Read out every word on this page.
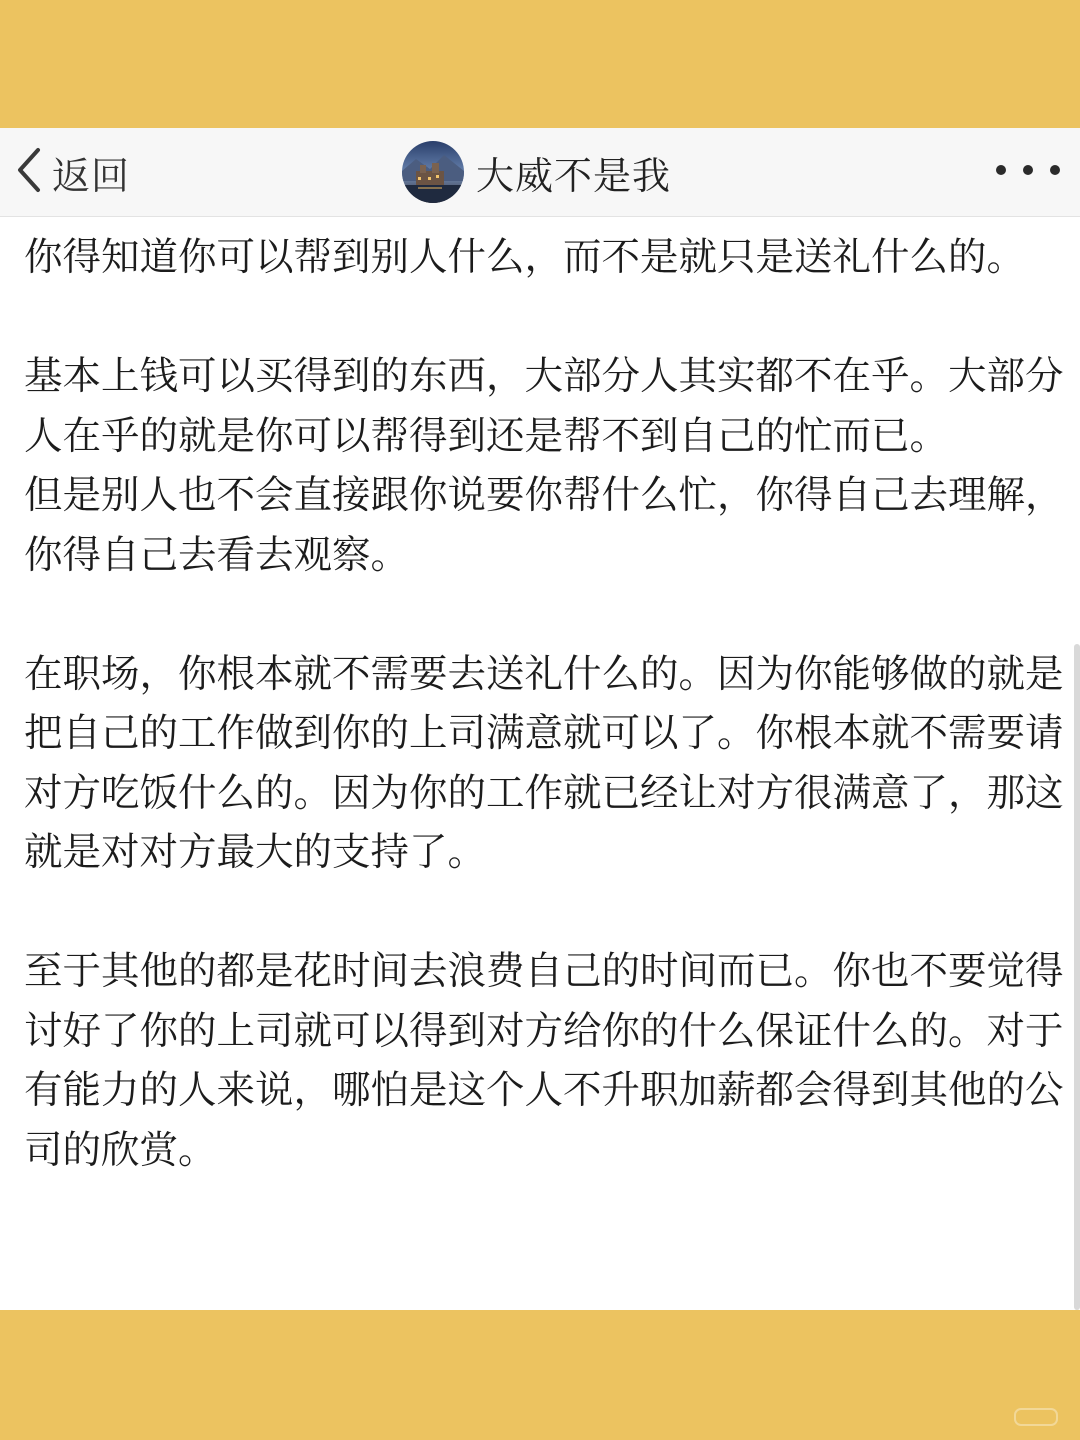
返回	大威不是我

你得知道你可以帮到别人什么，而不是就只是送礼什么的。

基本上钱可以买得到的东西，大部分人其实都不在乎。大部分人在乎的就是你可以帮得到还是帮不到自己的忙而已。
但是别人也不会直接跟你说要你帮什么忙，你得自己去理解，你得自己去看去观察。

在职场，你根本就不需要去送礼什么的。因为你能够做的就是把自己的工作做到你的上司满意就可以了。你根本就不需要请对方吃饭什么的。因为你的工作就已经让对方很满意了，那这就是对对方最大的支持了。

至于其他的都是花时间去浪费自己的时间而已。你也不要觉得讨好了你的上司就可以得到对方给你的什么保证什么的。对于有能力的人来说，哪怕是这个人不升职加薪都会得到其他的公司的欣赏。
